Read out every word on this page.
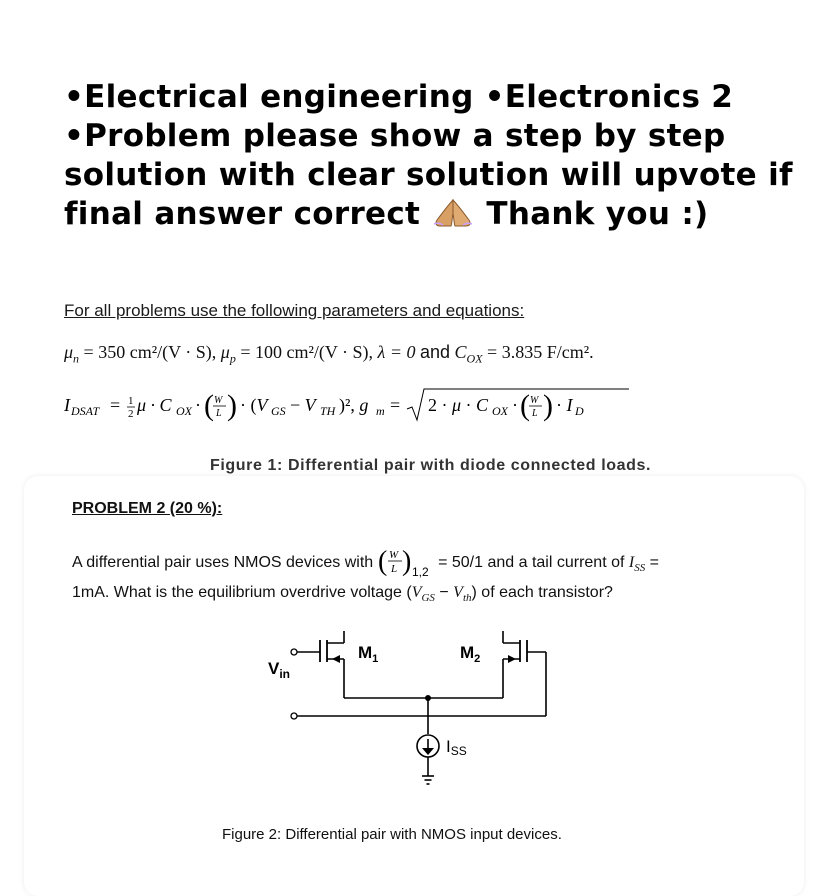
•Electrical engineering •Electronics 2
•Problem please show a step by step
solution with clear solution will upvote if
final answer correct Thank you :)
For all problems use the following parameters and equations:
$\mu_n = 350$ cm²/(V · S), $\mu_p = 100$ cm²/(V · S), λ = 0 and $C_{OX} = 3.835$ F/cm².
I DSAT = 1
2 μ · C OX · ( W
L ) · (V GS − V TH )², g m = 2 · μ · C OX · ( W
L ) · I D
Figure 1: Differential pair with diode connected loads.
PROBLEM 2 (20 %):
A differential pair uses NMOS devices with ( W
L ) 1,2
= 50/1 and a tail current of $I_{SS}$ =
1mA. What is the equilibrium overdrive voltage $(V_{GS} - V_{th})$ of each transistor?
$M_1$	$M_2$
$V_{in}$
ISS
Figure 2: Differential pair with NMOS input devices.
